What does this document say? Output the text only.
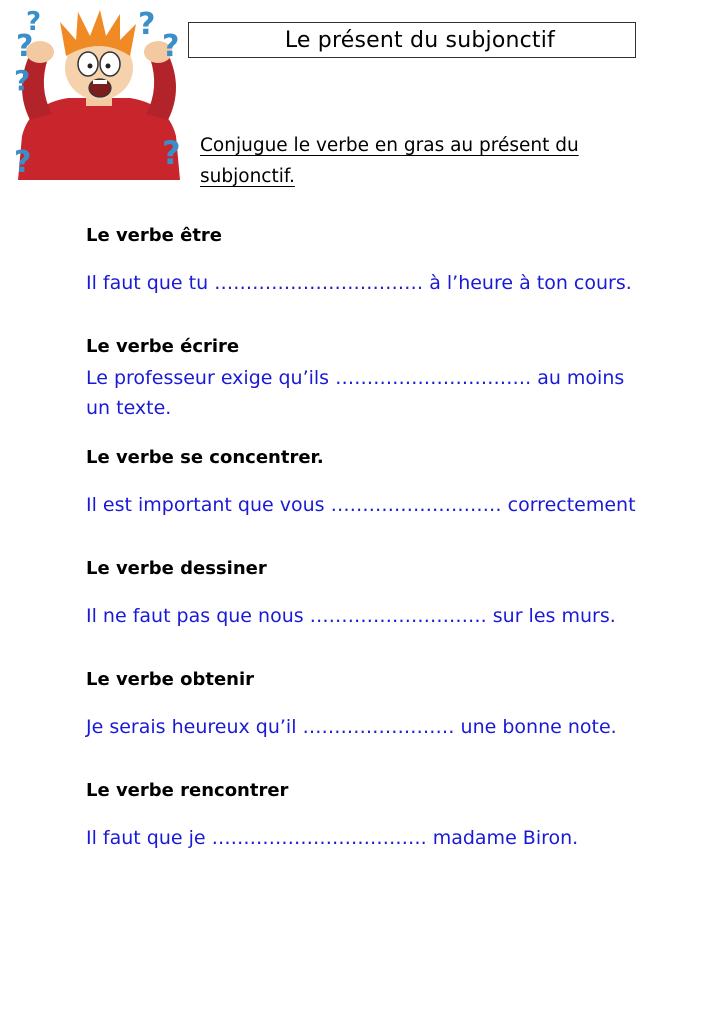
?
?
?
?
?
?
?
Le présent du subjonctif
Conjugue le verbe en gras au présent du subjonctif.
Le verbe être
Il faut que tu …………………………… à l’heure à ton cours.
Le verbe écrire
Le professeur exige qu’ils …………………………. au moins un texte.
Le verbe se concentrer.
Il est important que vous ……………………… correctement
Le verbe dessiner
Il ne faut pas que nous ………………………. sur les murs.
Le verbe obtenir
Je serais heureux qu’il …………………… une bonne note.
Le verbe rencontrer
Il faut que je ……………………………. madame Biron.
